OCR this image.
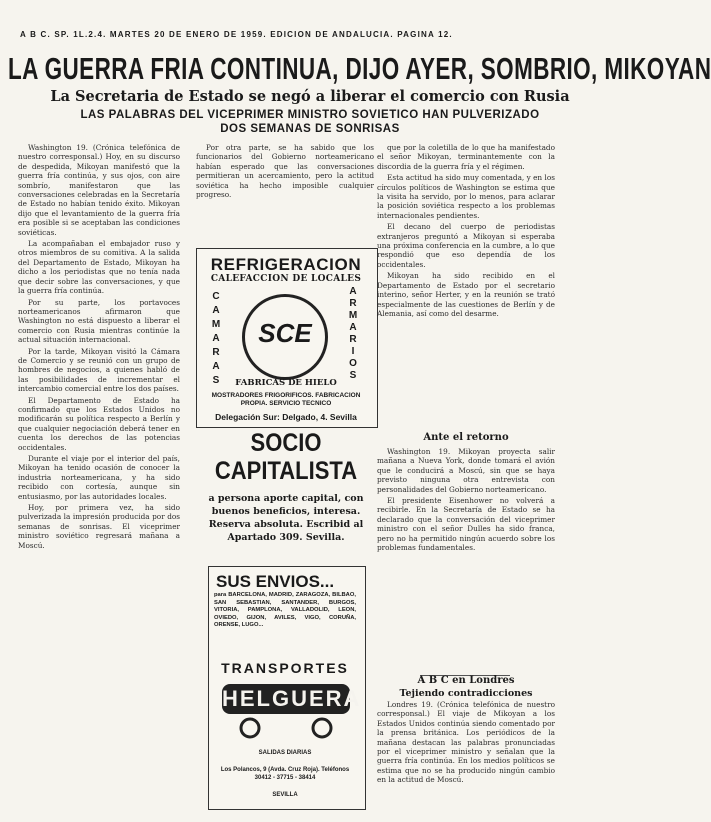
A B C. SP. 1L.2.4. MARTES 20 DE ENERO DE 1959. EDICION DE ANDALUCIA. PAGINA 12.
LA GUERRA FRIA CONTINUA, DIJO AYER, SOMBRIO, MIKOYAN
La Secretaria de Estado se negó a liberar el comercio con Rusia
LAS PALABRAS DEL VICEPRIMER MINISTRO SOVIETICO HAN PULVERIZADO
DOS SEMANAS DE SONRISAS

Washington 19. (Crónica telefónica de nuestro corresponsal.) Hoy, en su discurso de despedida, Mikoyan manifestó que la guerra fría continúa, y sus ojos, con aire sombrío, manifestaron que las conversaciones celebradas en la Secretaría de Estado no habían tenido éxito. Mikoyan dijo que el levantamiento de la guerra fría era posible si se aceptaban las condiciones soviéticas.

La acompañaban el embajador ruso y otros miembros de su comitiva. A la salida del Departamento de Estado, Mikoyan ha dicho a los periodistas que no tenía nada que decir sobre las conversaciones, y que la guerra fría continúa.

Por su parte, los portavoces norteamericanos afirmaron que Washington no está dispuesto a liberar el comercio con Rusia mientras continúe la actual situación internacional.

Por la tarde, Mikoyan visitó la Cámara de Comercio y se reunió con un grupo de hombres de negocios, a quienes habló de las posibilidades de incrementar el intercambio comercial entre los dos países.

El Departamento de Estado ha confirmado que los Estados Unidos no modificarán su política respecto a Berlín y que cualquier negociación deberá tener en cuenta los derechos de las potencias occidentales.

Durante el viaje por el interior del país, Mikoyan ha tenido ocasión de conocer la industria norteamericana, y ha sido recibido con cortesía, aunque sin entusiasmo, por las autoridades locales.

Hoy, por primera vez, ha sido pulverizada la impresión producida por dos semanas de sonrisas. El viceprimer ministro soviético regresará mañana a Moscú.

Por otra parte, se ha sabido que los funcionarios del Gobierno norteamericano habían esperado que las conversaciones permitieran un acercamiento, pero la actitud soviética ha hecho imposible cualquier progreso.

REFRIGERACION
CALEFACCION DE LOCALES
C
A
M
A
R
A
S
A
R
M
A
R
I
O
S
SCE
FABRICAS DE HIELO
MOSTRADORES FRIGORIFICOS. FABRICACION PROPIA. SERVICIO TECNICO
Delegación Sur: Delgado, 4. Sevilla
SOCIO
CAPITALISTA
a persona aporte capital, con buenos beneficios, interesa. Reserva absoluta. Escribid al Apartado 309. Sevilla.
SUS ENVIOS...
para BARCELONA, MADRID, ZARAGOZA, BILBAO, SAN SEBASTIAN, SANTANDER, BURGOS, VITORIA, PAMPLONA, VALLADOLID, LEON, OVIEDO, GIJON, AVILES, VIGO, CORUÑA, ORENSE, LUGO...
TRANSPORTES
HELGUERA
SALIDAS DIARIAS
Los Polancos, 9 (Avda. Cruz Roja). Teléfonos 30412 - 37715 - 38414
SEVILLA

que por la coletilla de lo que ha manifestado el señor Mikoyan, terminantemente con la discordia de la guerra fría y el régimen.

Esta actitud ha sido muy comentada, y en los círculos políticos de Washington se estima que la visita ha servido, por lo menos, para aclarar la posición soviética respecto a los problemas internacionales pendientes.

El decano del cuerpo de periodistas extranjeros preguntó a Mikoyan si esperaba una próxima conferencia en la cumbre, a lo que respondió que eso dependía de los occidentales.

Mikoyan ha sido recibido en el Departamento de Estado por el secretario interino, señor Herter, y en la reunión se trató especialmente de las cuestiones de Berlín y de Alemania, así como del desarme.

Ante el retorno

Washington 19. Mikoyan proyecta salir mañana a Nueva York, donde tomará el avión que le conducirá a Moscú, sin que se haya previsto ninguna otra entrevista con personalidades del Gobierno norteamericano.

El presidente Eisenhower no volverá a recibirle. En la Secretaría de Estado se ha declarado que la conversación del viceprimer ministro con el señor Dulles ha sido franca, pero no ha permitido ningún acuerdo sobre los problemas fundamentales.

A B C en Londres
Tejiendo contradicciones

Londres 19. (Crónica telefónica de nuestro corresponsal.) El viaje de Mikoyan a los Estados Unidos continúa siendo comentado por la prensa británica. Los periódicos de la mañana destacan las palabras pronunciadas por el viceprimer ministro y señalan que la guerra fría continúa. En los medios políticos se estima que no se ha producido ningún cambio en la actitud de Moscú.
